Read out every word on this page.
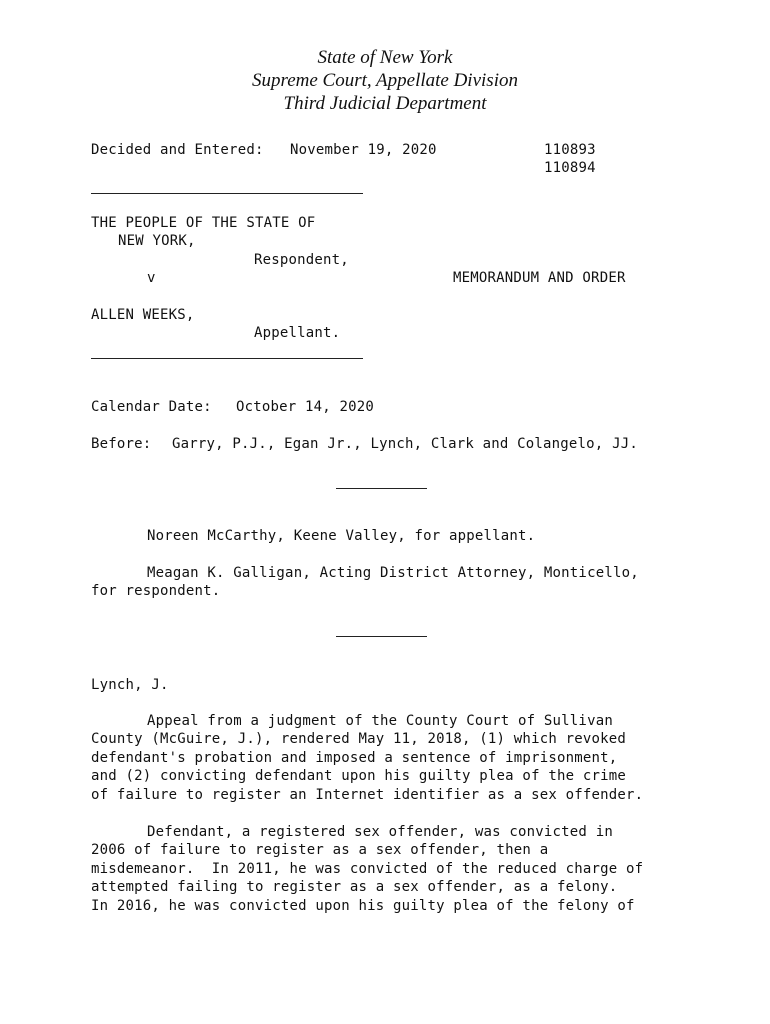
State of New York
Supreme Court, Appellate Division
Third Judicial Department
Decided and Entered: November 19, 2020	110893
110894
THE PEOPLE OF THE STATE OF
NEW YORK,
Respondent,
v	MEMORANDUM AND ORDER
ALLEN WEEKS,
Appellant.
Calendar Date: October 14, 2020
Before: Garry, P.J., Egan Jr., Lynch, Clark and Colangelo, JJ.
Noreen McCarthy, Keene Valley, for appellant.
Meagan K. Galligan, Acting District Attorney, Monticello,
for respondent.
Lynch, J.
Appeal from a judgment of the County Court of Sullivan
County (McGuire, J.), rendered May 11, 2018, (1) which revoked
defendant's probation and imposed a sentence of imprisonment,
and (2) convicting defendant upon his guilty plea of the crime
of failure to register an Internet identifier as a sex offender.
Defendant, a registered sex offender, was convicted in
2006 of failure to register as a sex offender, then a
misdemeanor.  In 2011, he was convicted of the reduced charge of
attempted failing to register as a sex offender, as a felony.
In 2016, he was convicted upon his guilty plea of the felony of
